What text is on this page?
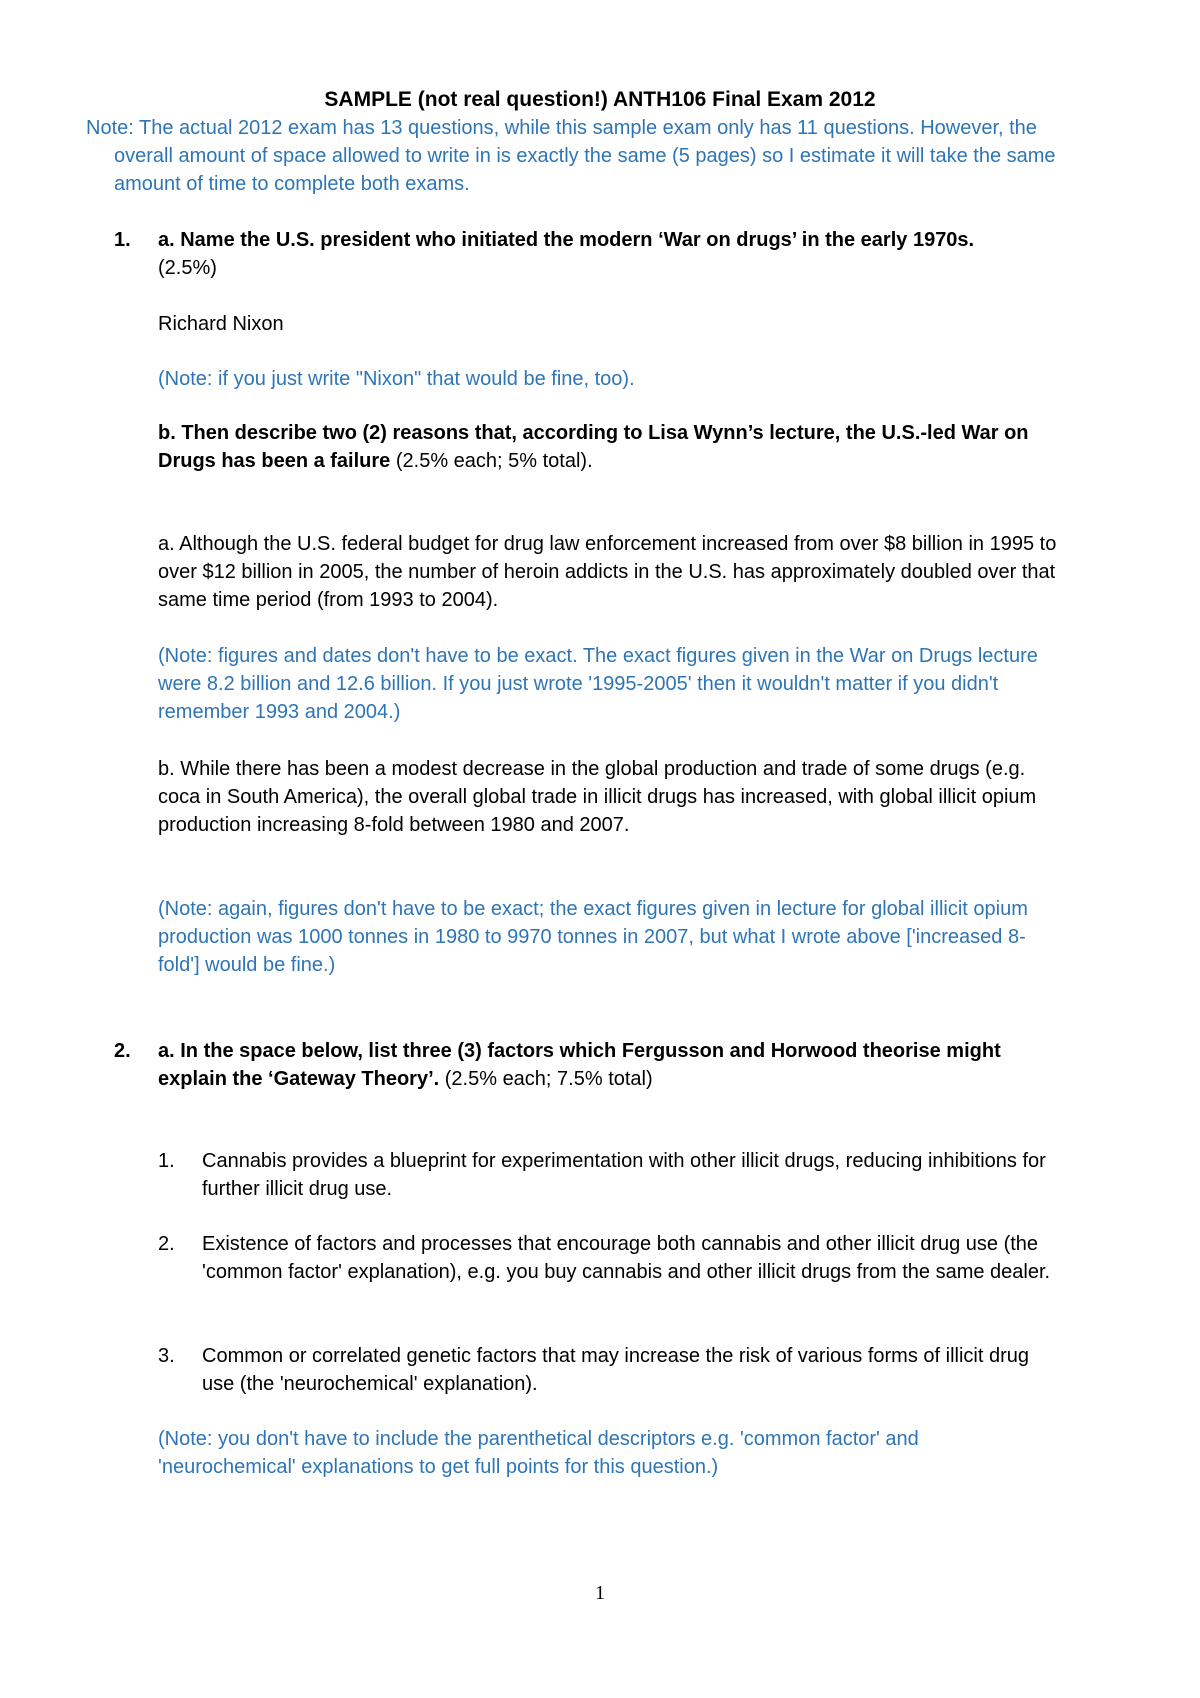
SAMPLE (not real question!) ANTH106 Final Exam 2012
Note: The actual 2012 exam has 13 questions, while this sample exam only has 11 questions. However, the overall amount of space allowed to write in is exactly the same (5 pages) so I estimate it will take the same amount of time to complete both exams.
1. a. Name the U.S. president who initiated the modern ‘War on drugs’ in the early 1970s. (2.5%)
Richard Nixon
(Note: if you just write "Nixon" that would be fine, too).
b. Then describe two (2) reasons that, according to Lisa Wynn’s lecture, the U.S.-led War on Drugs has been a failure (2.5% each; 5% total).
a. Although the U.S. federal budget for drug law enforcement increased from over $8 billion in 1995 to over $12 billion in 2005, the number of heroin addicts in the U.S. has approximately doubled over that same time period (from 1993 to 2004).
(Note: figures and dates don't have to be exact. The exact figures given in the War on Drugs lecture were 8.2 billion and 12.6 billion. If you just wrote '1995-2005' then it wouldn't matter if you didn't remember 1993 and 2004.)
b. While there has been a modest decrease in the global production and trade of some drugs (e.g. coca in South America), the overall global trade in illicit drugs has increased, with global illicit opium production increasing 8-fold between 1980 and 2007.
(Note: again, figures don't have to be exact; the exact figures given in lecture for global illicit opium production was 1000 tonnes in 1980 to 9970 tonnes in 2007, but what I wrote above ['increased 8-fold'] would be fine.)
2. a. In the space below, list three (3) factors which Fergusson and Horwood theorise might explain the ‘Gateway Theory’. (2.5% each; 7.5% total)
1. Cannabis provides a blueprint for experimentation with other illicit drugs, reducing inhibitions for further illicit drug use.
2. Existence of factors and processes that encourage both cannabis and other illicit drug use (the 'common factor' explanation), e.g. you buy cannabis and other illicit drugs from the same dealer.
3. Common or correlated genetic factors that may increase the risk of various forms of illicit drug use (the 'neurochemical' explanation).
(Note: you don't have to include the parenthetical descriptors e.g. 'common factor' and 'neurochemical' explanations to get full points for this question.)
1
